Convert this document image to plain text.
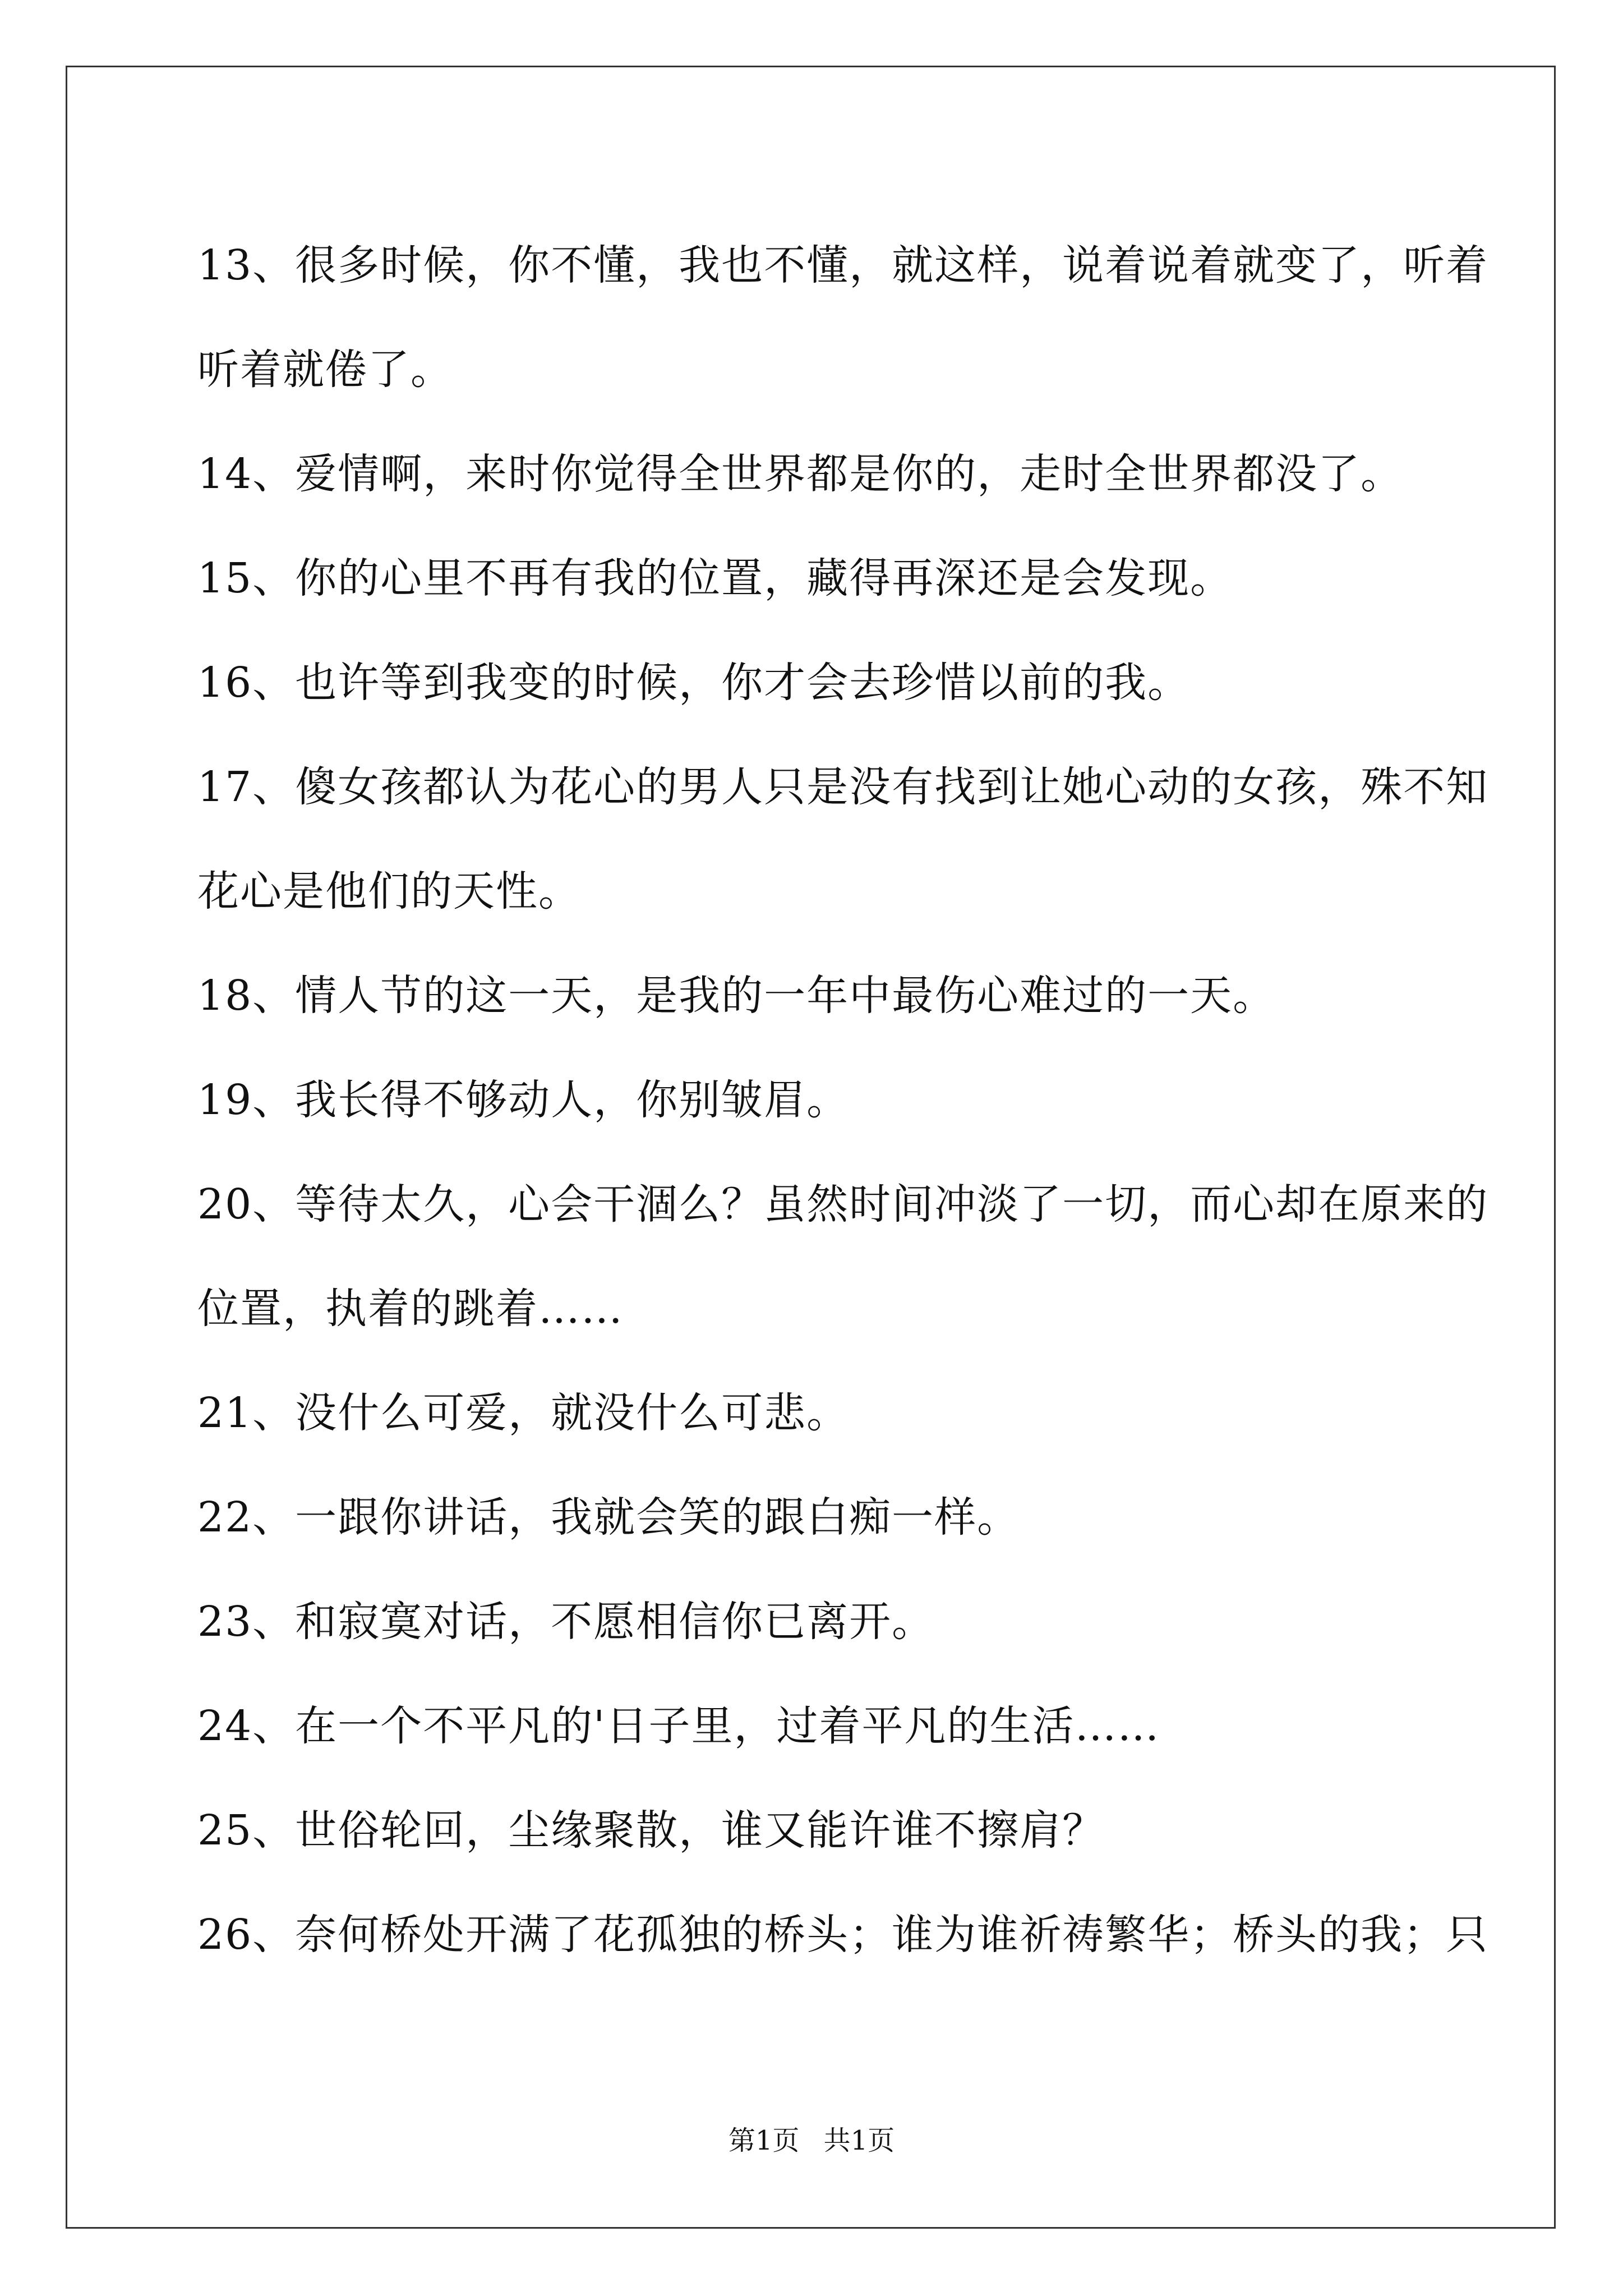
13、很多时候，你不懂，我也不懂，就这样，说着说着就变了，听着
听着就倦了。
14、爱情啊，来时你觉得全世界都是你的，走时全世界都没了。
15、你的心里不再有我的位置，藏得再深还是会发现。
16、也许等到我变的时候，你才会去珍惜以前的我。
17、傻女孩都认为花心的男人只是没有找到让她心动的女孩，殊不知
花心是他们的天性。
18、情人节的这一天，是我的一年中最伤心难过的一天。
19、我长得不够动人，你别皱眉。
20、等待太久，心会干涸么？虽然时间冲淡了一切，而心却在原来的
位置，执着的跳着……
21、没什么可爱，就没什么可悲。
22、一跟你讲话，我就会笑的跟白痴一样。
23、和寂寞对话，不愿相信你已离开。
24、在一个不平凡的'日子里，过着平凡的生活……
25、世俗轮回，尘缘聚散，谁又能许谁不擦肩？
26、奈何桥处开满了花孤独的桥头；谁为谁祈祷繁华；桥头的我；只
第1页 共1页
